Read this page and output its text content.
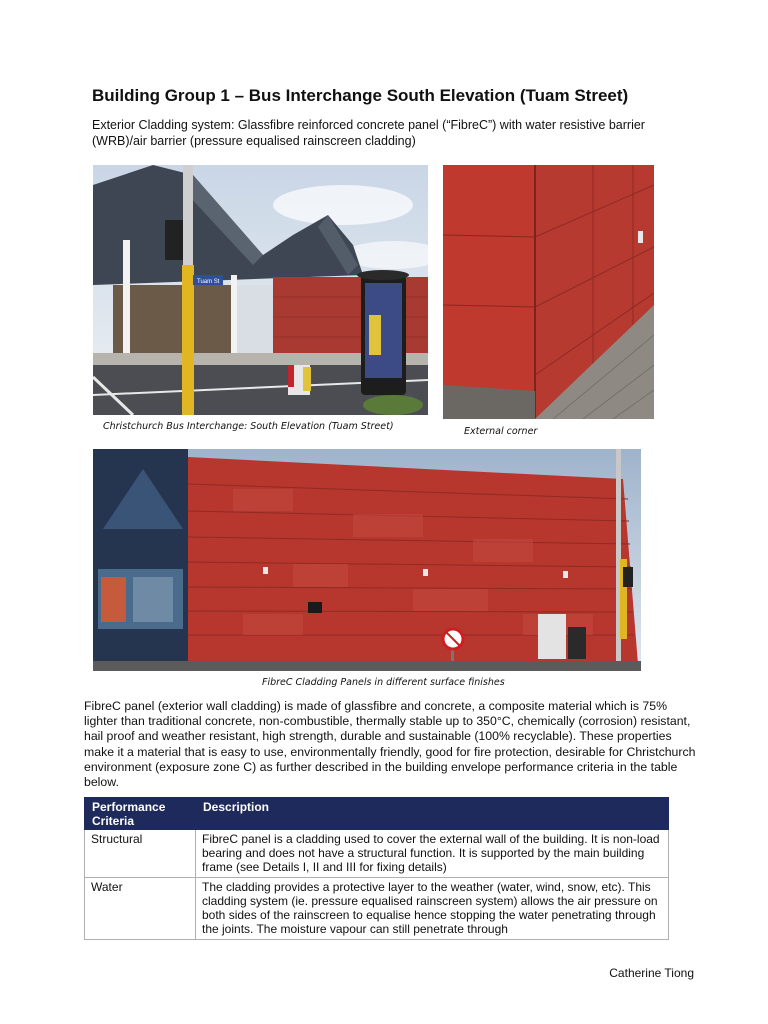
Building Group 1 – Bus Interchange South Elevation (Tuam Street)
Exterior Cladding system: Glassfibre reinforced concrete panel (“FibreC”) with water resistive barrier (WRB)/air barrier (pressure equalised rainscreen cladding)
Tuam St
Christchurch Bus Interchange: South Elevation (Tuam Street)	External corner
FibreC Cladding Panels in different surface finishes
FibreC panel (exterior wall cladding) is made of glassfibre and concrete, a composite material which is 75% lighter than traditional concrete, non-combustible, thermally stable up to 350°C, chemically (corrosion) resistant, hail proof and weather resistant, high strength, durable and sustainable (100% recyclable). These properties make it a material that is easy to use, environmentally friendly, good for fire protection, desirable for Christchurch environment (exposure zone C) as further described in the building envelope performance criteria in the table below.
Performance Criteria	Description
Structural	FibreC panel is a cladding used to cover the external wall of the building. It is non-load bearing and does not have a structural function. It is supported by the main building frame (see Details I, II and III for fixing details)
Water	The cladding provides a protective layer to the weather (water, wind, snow, etc). This cladding system (ie. pressure equalised rainscreen system) allows the air pressure on both sides of the rainscreen to equalise hence stopping the water penetrating through the joints. The moisture vapour can still penetrate through
Catherine Tiong
